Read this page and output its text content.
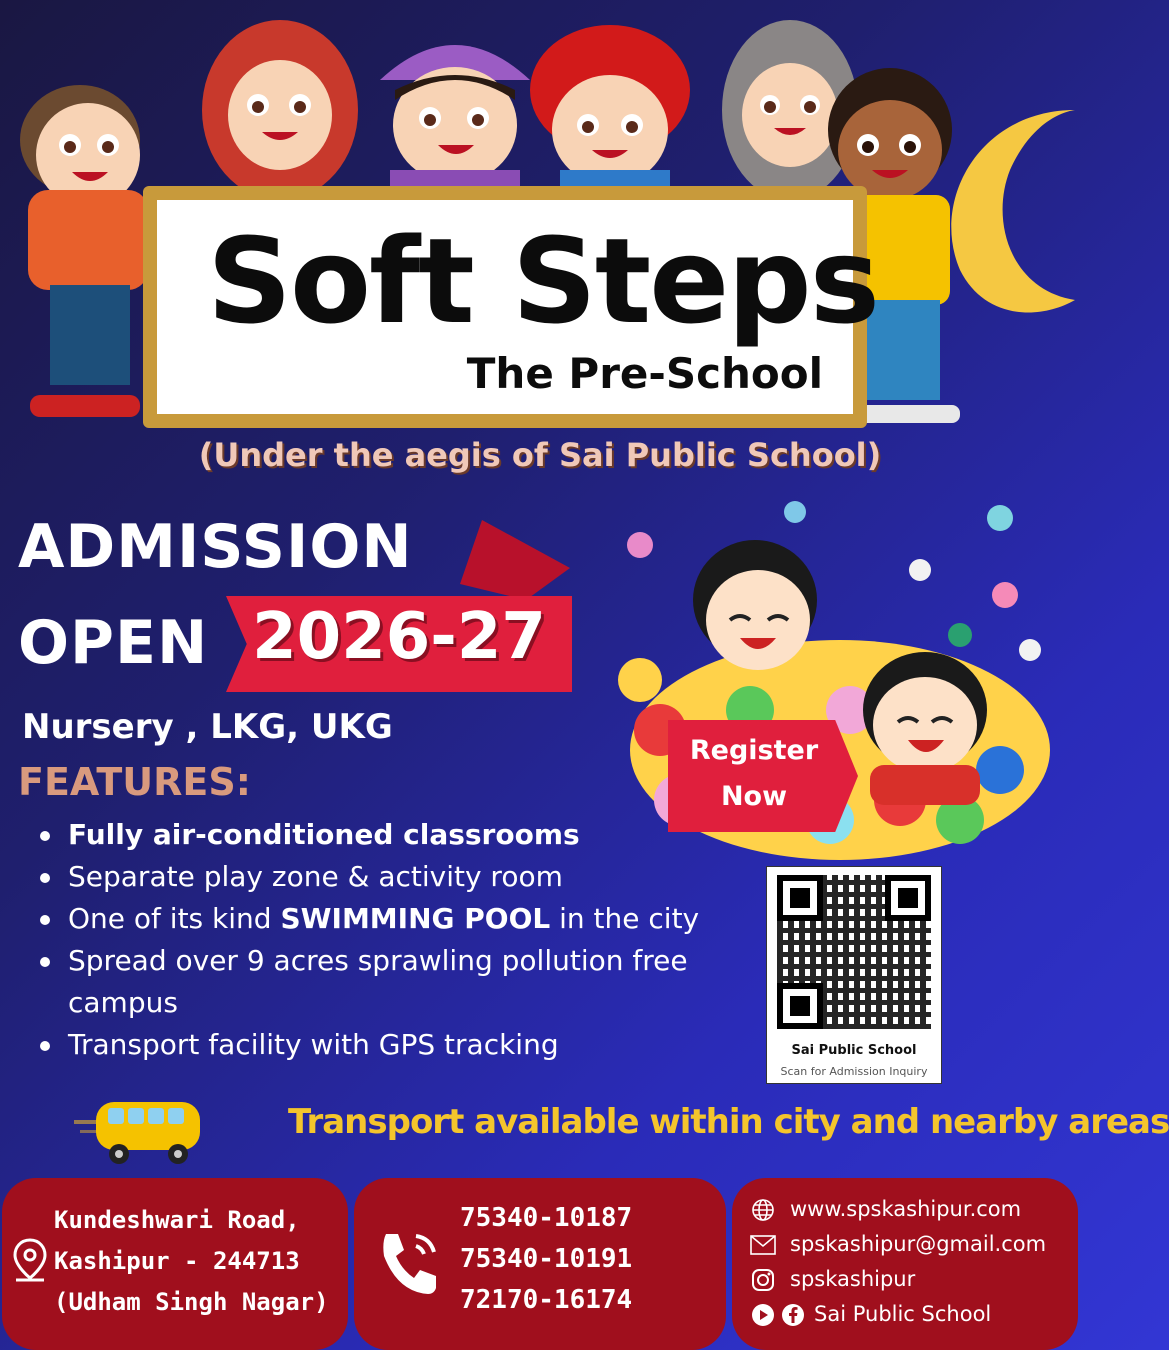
Soft Steps
The Pre-School
(Under the aegis of Sai Public School)
ADMISSION
OPEN 2026-27
Nursery , LKG, UKG
FEATURES:
Fully air-conditioned classrooms
Separate play zone & activity room
One of its kind SWIMMING POOL in the city
Spread over 9 acres sprawling pollution free campus
Transport facility with GPS tracking
Register
Now
Sai Public School
Scan for Admission Inquiry
Transport available within city and nearby areas
Kundeshwari Road,
Kashipur - 244713
(Udham Singh Nagar)
75340-10187
75340-10191
72170-16174
www.spskashipur.com
spskashipur@gmail.com
spskashipur
Sai Public School
